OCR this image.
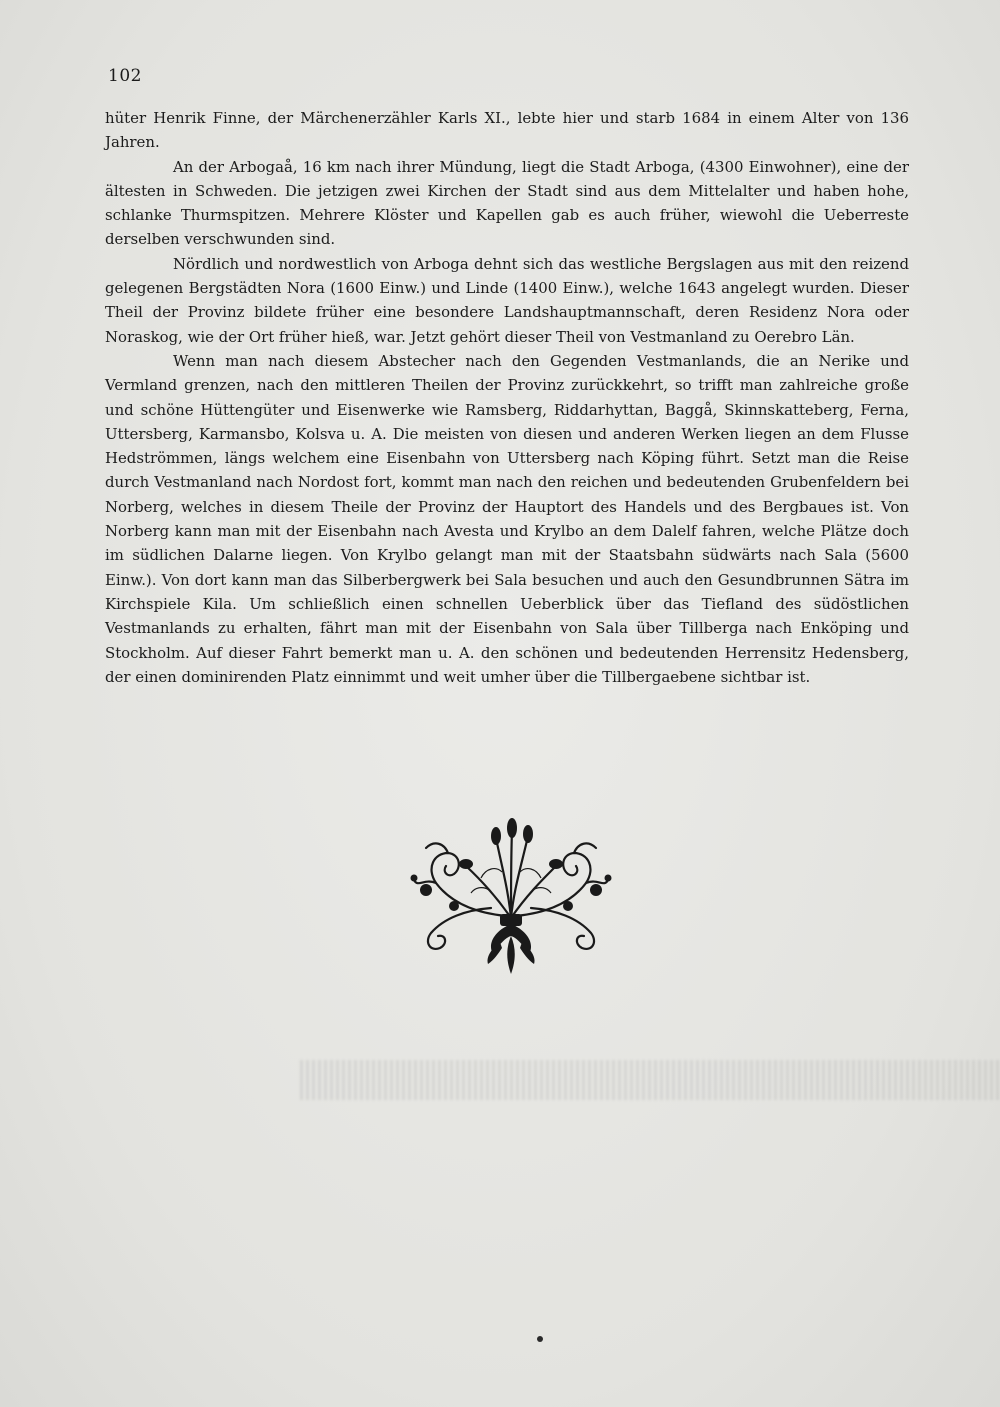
102

hüter Henrik Finne, der Märchenerzähler Karls XI., lebte hier und starb 1684 in einem Alter von 136 Jahren.

An der Arbogaå, 16 km nach ihrer Mündung, liegt die Stadt Arboga, (4300 Einwohner), eine der ältesten in Schweden. Die jetzigen zwei Kirchen der Stadt sind aus dem Mittelalter und haben hohe, schlanke Thurmspitzen. Mehrere Klöster und Kapellen gab es auch früher, wiewohl die Ueberreste derselben verschwunden sind.

Nördlich und nordwestlich von Arboga dehnt sich das westliche Bergslagen aus mit den reizend gelegenen Bergstädten Nora (1600 Einw.) und Linde (1400 Einw.), welche 1643 angelegt wurden. Dieser Theil der Provinz bildete früher eine besondere Landshauptmannschaft, deren Residenz Nora oder Noraskog, wie der Ort früher hieß, war. Jetzt gehört dieser Theil von Vestmanland zu Oerebro Län.

Wenn man nach diesem Abstecher nach den Gegenden Vestmanlands, die an Nerike und Vermland grenzen, nach den mittleren Theilen der Provinz zurückkehrt, so trifft man zahlreiche große und schöne Hüttengüter und Eisenwerke wie Ramsberg, Riddarhyttan, Baggå, Skinnskatteberg, Ferna, Uttersberg, Karmansbo, Kolsva u. A. Die meisten von diesen und anderen Werken liegen an dem Flusse Hedströmmen, längs welchem eine Eisenbahn von Uttersberg nach Köping führt. Setzt man die Reise durch Vestmanland nach Nordost fort, kommt man nach den reichen und bedeutenden Grubenfeldern bei Norberg, welches in diesem Theile der Provinz der Hauptort des Handels und des Bergbaues ist. Von Norberg kann man mit der Eisenbahn nach Avesta und Krylbo an dem Dalelf fahren, welche Plätze doch im südlichen Dalarne liegen. Von Krylbo gelangt man mit der Staatsbahn südwärts nach Sala (5600 Einw.). Von dort kann man das Silberbergwerk bei Sala besuchen und auch den Gesundbrunnen Sätra im Kirchspiele Kila. Um schließlich einen schnellen Ueberblick über das Tiefland des südöstlichen Vestmanlands zu erhalten, fährt man mit der Eisenbahn von Sala über Tillberga nach Enköping und Stockholm. Auf dieser Fahrt bemerkt man u. A. den schönen und bedeutenden Herrensitz Hedensberg, der einen dominirenden Platz einnimmt und weit umher über die Tillbergaebene sichtbar ist.
